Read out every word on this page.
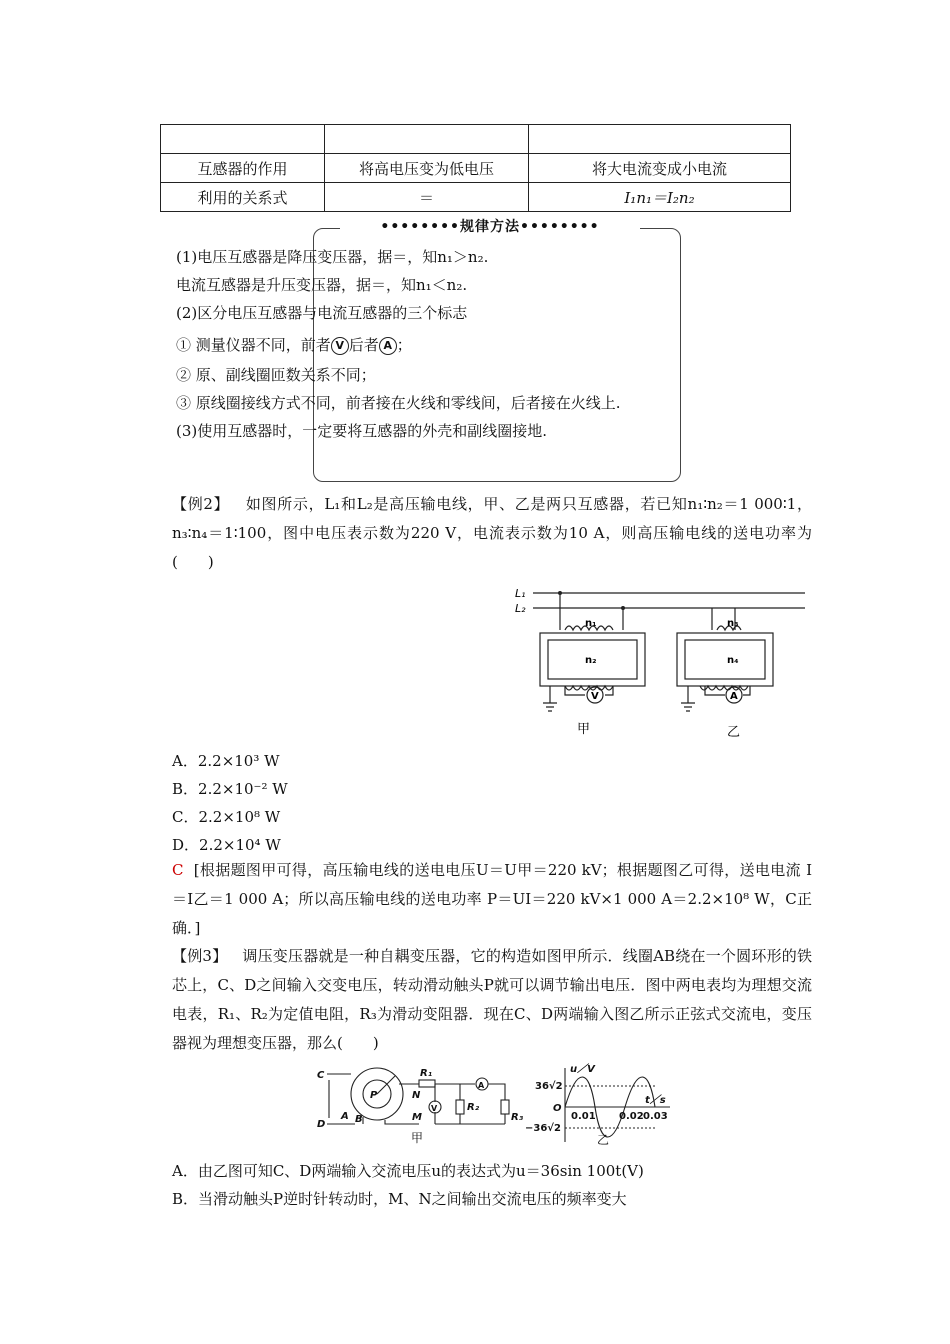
互感器的作用	将高电压变为低电压	将大电流变成小电流
利用的关系式	＝	I₁n₁＝I₂n₂
••••••••规律方法••••••••
(1)电压互感器是降压变压器，据＝，知n₁＞n₂.
电流互感器是升压变压器，据＝，知n₁＜n₂.
(2)区分电压互感器与电流互感器的三个标志
① 测量仪器不同，前者 V 后者 A ；
② 原、副线圈匝数关系不同；
③ 原线圈接线方式不同，前者接在火线和零线间，后者接在火线上.
(3)使用互感器时，一定要将互感器的外壳和副线圈接地.
【例2】 如图所示，L₁和L₂是高压输电线，甲、乙是两只互感器，若已知n₁∶n₂＝1 000∶1，n₃∶n₄＝1∶100，图中电压表示数为220 V，电流表示数为10 A，则高压输电线的送电功率为(　　)
L₁
L₂
n₁
n₂
n₃
n₄
V	A
甲	乙
A．2.2×10³ W
B．2.2×10⁻² W
C．2.2×10⁸ W
D．2.2×10⁴ W
C [根据题图甲可得，高压输电线的送电电压U＝U甲＝220 kV；根据题图乙可得，送电电流 I＝I乙＝1 000 A；所以高压输电线的送电功率 P＝UI＝220 kV×1 000 A＝2.2×10⁸ W，C正确．]
【例3】 调压变压器就是一种自耦变压器，它的构造如图甲所示．线圈AB绕在一个圆环形的铁芯上，C、D之间输入交变电压，转动滑动触头P就可以调节输出电压．图中两电表均为理想交流电表，R₁、R₂为定值电阻，R₃为滑动变阻器．现在C、D两端输入图乙所示正弦式交流电，变压器视为理想变压器，那么(　　)
C
D
P	N
M
A B
R₁
R₂
R₃
V
A
甲
u／V
t／s
36√2
−36√2
O
0.01 0.02 0.03
乙
A．由乙图可知C、D两端输入交流电压u的表达式为u＝36sin 100t(V)
B．当滑动触头P逆时针转动时，M、N之间输出交流电压的频率变大
